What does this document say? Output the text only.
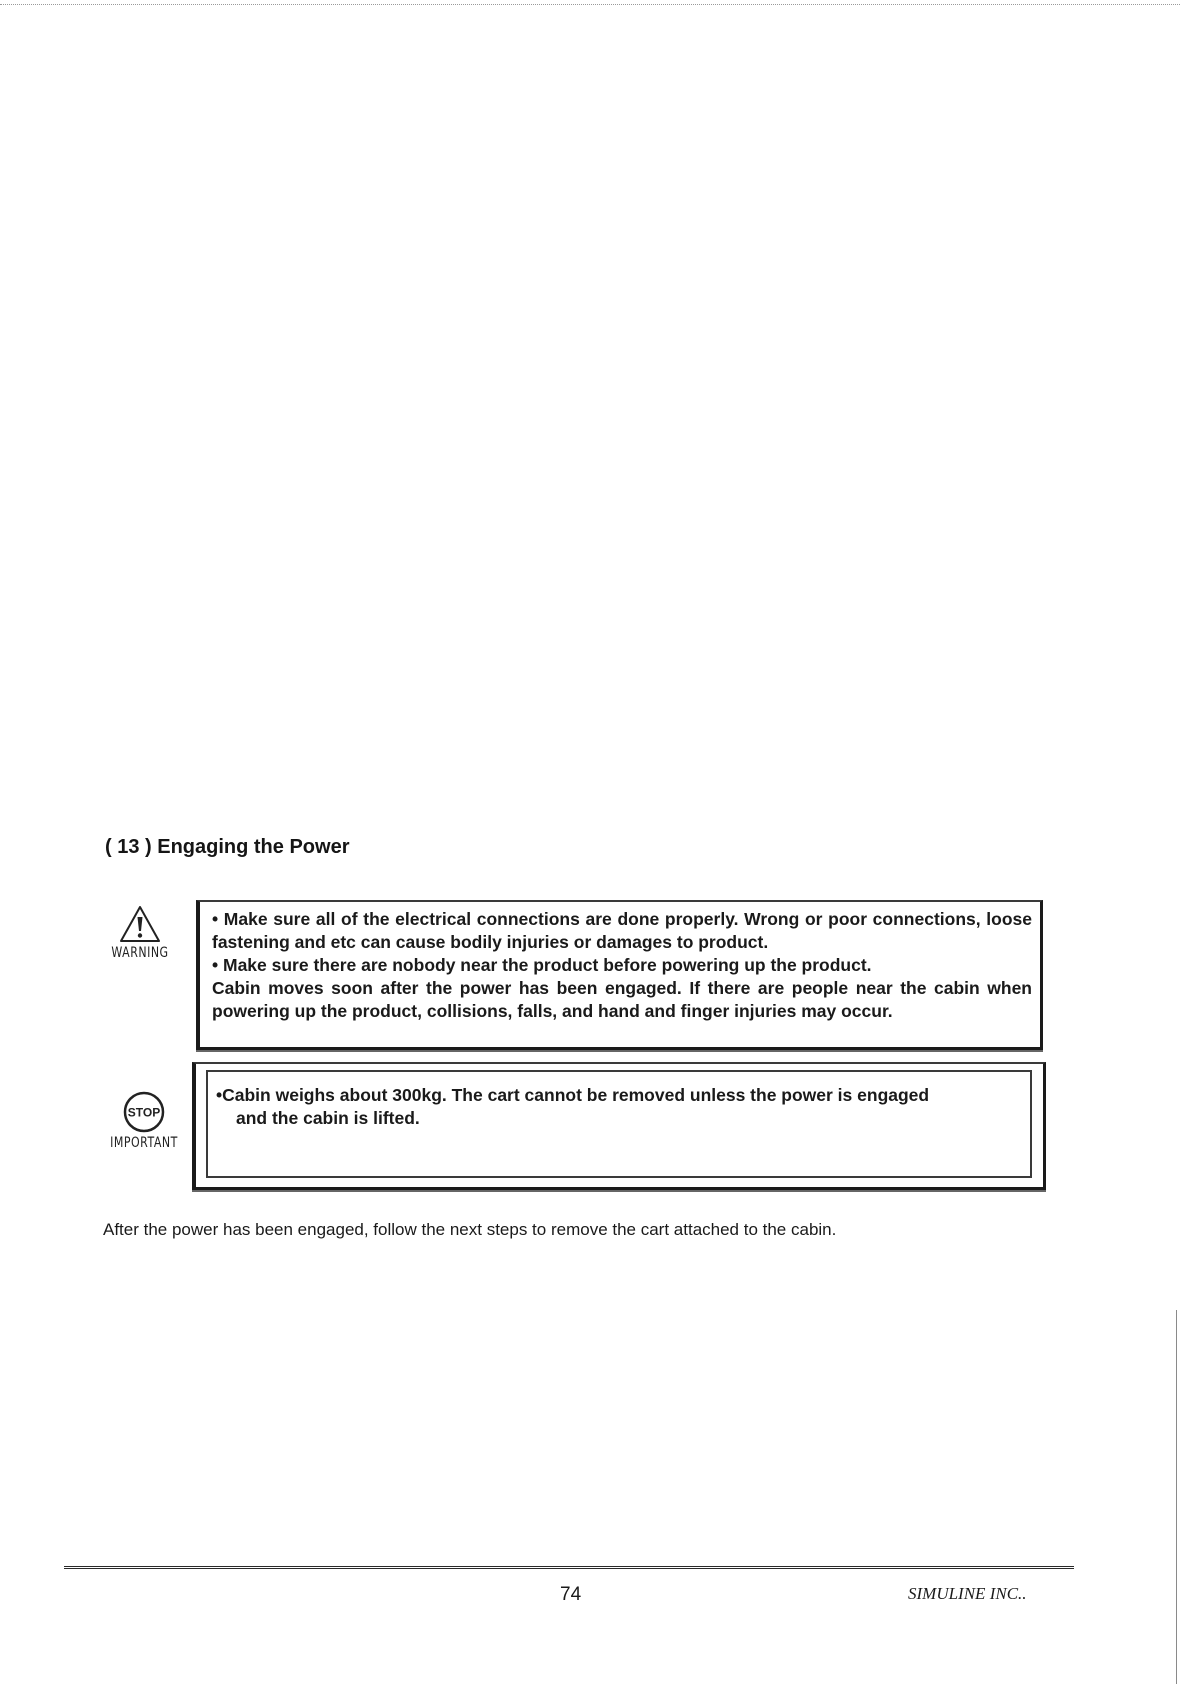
( 13 ) Engaging the Power
WARNING

• Make sure all of the electrical connections are done properly. Wrong or poor connections, loose fastening and etc can cause bodily injuries or damages to product.
• Make sure there are nobody near the product before powering up the product.
Cabin moves soon after the power has been engaged. If there are people near the cabin when powering up the product, collisions, falls, and hand and finger injuries may occur.

STOP
IMPORTANT

•Cabin weighs about 300kg. The cart cannot be removed unless the power is engaged
and the cabin is lifted.

After the power has been engaged, follow the next steps to remove the cart attached to the cabin.

74	SIMULINE INC..
